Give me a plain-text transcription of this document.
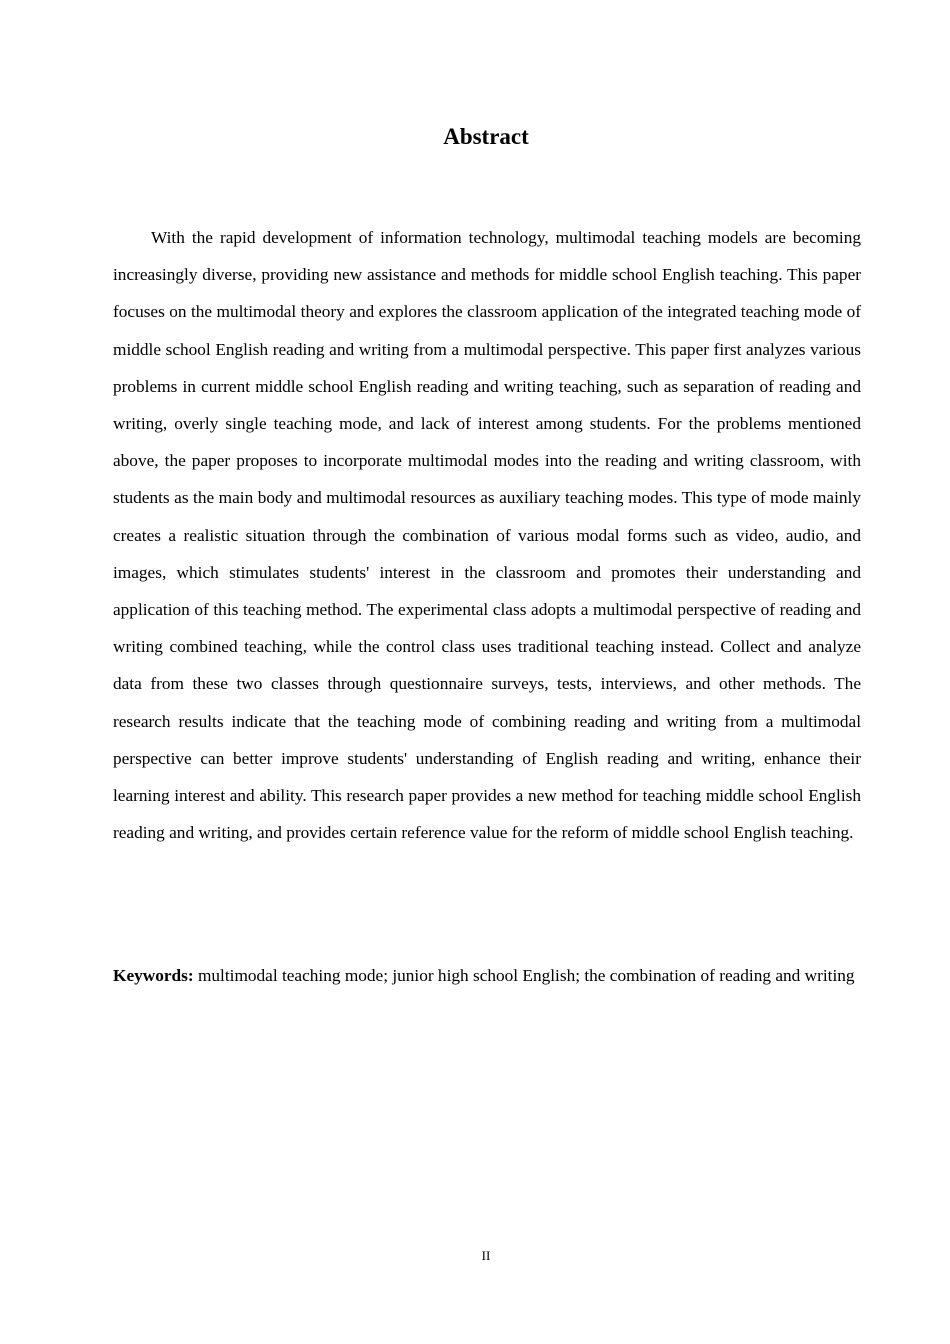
Abstract

With the rapid development of information technology, multimodal teaching models are becoming increasingly diverse, providing new assistance and methods for middle school English teaching. This paper focuses on the multimodal theory and explores the classroom application of the integrated teaching mode of middle school English reading and writing from a multimodal perspective. This paper first analyzes various problems in current middle school English reading and writing teaching, such as separation of reading and writing, overly single teaching mode, and lack of interest among students. For the problems mentioned above, the paper proposes to incorporate multimodal modes into the reading and writing classroom, with students as the main body and multimodal resources as auxiliary teaching modes. This type of mode mainly creates a realistic situation through the combination of various modal forms such as video, audio, and images, which stimulates students' interest in the classroom and promotes their understanding and application of this teaching method. The experimental class adopts a multimodal perspective of reading and writing combined teaching, while the control class uses traditional teaching instead. Collect and analyze data from these two classes through questionnaire surveys, tests, interviews, and other methods. The research results indicate that the teaching mode of combining reading and writing from a multimodal perspective can better improve students' understanding of English reading and writing, enhance their learning interest and ability. This research paper provides a new method for teaching middle school English reading and writing, and provides certain reference value for the reform of middle school English teaching.

Keywords: multimodal teaching mode; junior high school English; the combination of reading and writing

II
